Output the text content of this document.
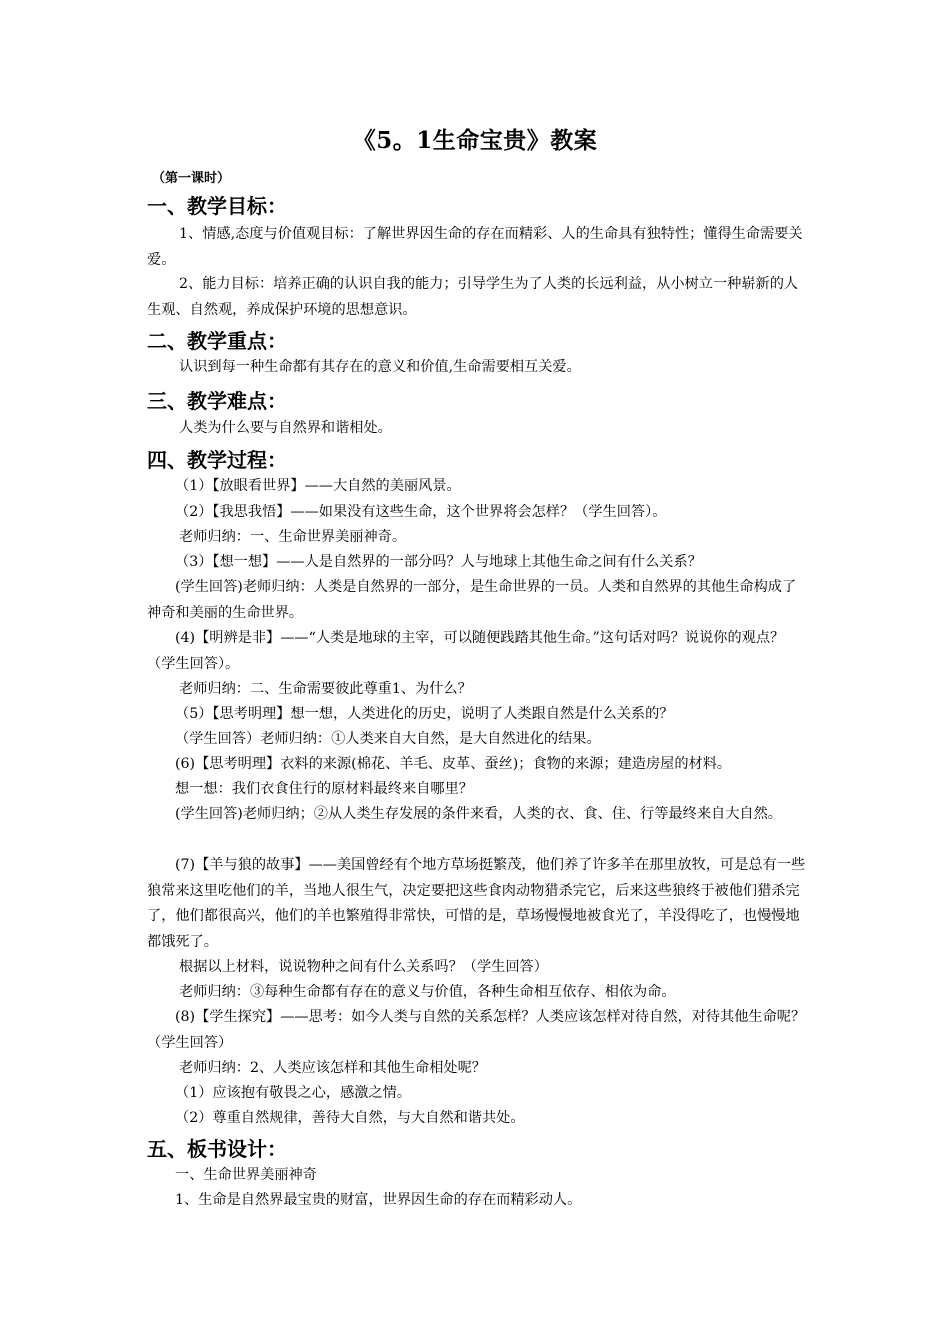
《5。1生命宝贵》教案
（第一课时）
一、教学目标：
1、情感,态度与价值观目标：了解世界因生命的存在而精彩、人的生命具有独特性；懂得生命需要关爱。
2、能力目标：培养正确的认识自我的能力；引导学生为了人类的长远利益，从小树立一种崭新的人生观、自然观，养成保护环境的思想意识。
二、教学重点：
认识到每一种生命都有其存在的意义和价值,生命需要相互关爱。
三、教学难点：
人类为什么要与自然界和谐相处。
四、教学过程：
（1）【放眼看世界】——大自然的美丽风景。
（2）【我思我悟】——如果没有这些生命，这个世界将会怎样？（学生回答）。
老师归纳：一、生命世界美丽神奇。
（3）【想一想】——人是自然界的一部分吗？人与地球上其他生命之间有什么关系？
(学生回答)老师归纳：人类是自然界的一部分，是生命世界的一员。人类和自然界的其他生命构成了神奇和美丽的生命世界。
(4)【明辨是非】——“人类是地球的主宰，可以随便践踏其他生命。”这句话对吗？说说你的观点？（学生回答）。
老师归纳：二、生命需要彼此尊重1、为什么？
（5）【思考明理】想一想，人类进化的历史，说明了人类跟自然是什么关系的？
（学生回答）老师归纳：①人类来自大自然，是大自然进化的结果。
(6)【思考明理】衣料的来源(棉花、羊毛、皮革、蚕丝)；食物的来源；建造房屋的材料。
想一想：我们衣食住行的原材料最终来自哪里？
(学生回答)老师归纳；②从人类生存发展的条件来看，人类的衣、食、住、行等最终来自大自然。
(7)【羊与狼的故事】——美国曾经有个地方草场挺繁茂，他们养了许多羊在那里放牧，可是总有一些狼常来这里吃他们的羊，当地人很生气，决定要把这些食肉动物猎杀完它，后来这些狼终于被他们猎杀完了，他们都很高兴，他们的羊也繁殖得非常快，可惜的是，草场慢慢地被食光了，羊没得吃了，也慢慢地都饿死了。
根据以上材料，说说物种之间有什么关系吗？（学生回答）
老师归纳：③每种生命都有存在的意义与价值，各种生命相互依存、相依为命。
(8)【学生探究】——思考：如今人类与自然的关系怎样？人类应该怎样对待自然，对待其他生命呢？（学生回答）
老师归纳：2、人类应该怎样和其他生命相处呢？
（1）应该抱有敬畏之心，感激之情。
（2）尊重自然规律，善待大自然，与大自然和谐共处。
五、板书设计：
一、生命世界美丽神奇
1、生命是自然界最宝贵的财富，世界因生命的存在而精彩动人。
